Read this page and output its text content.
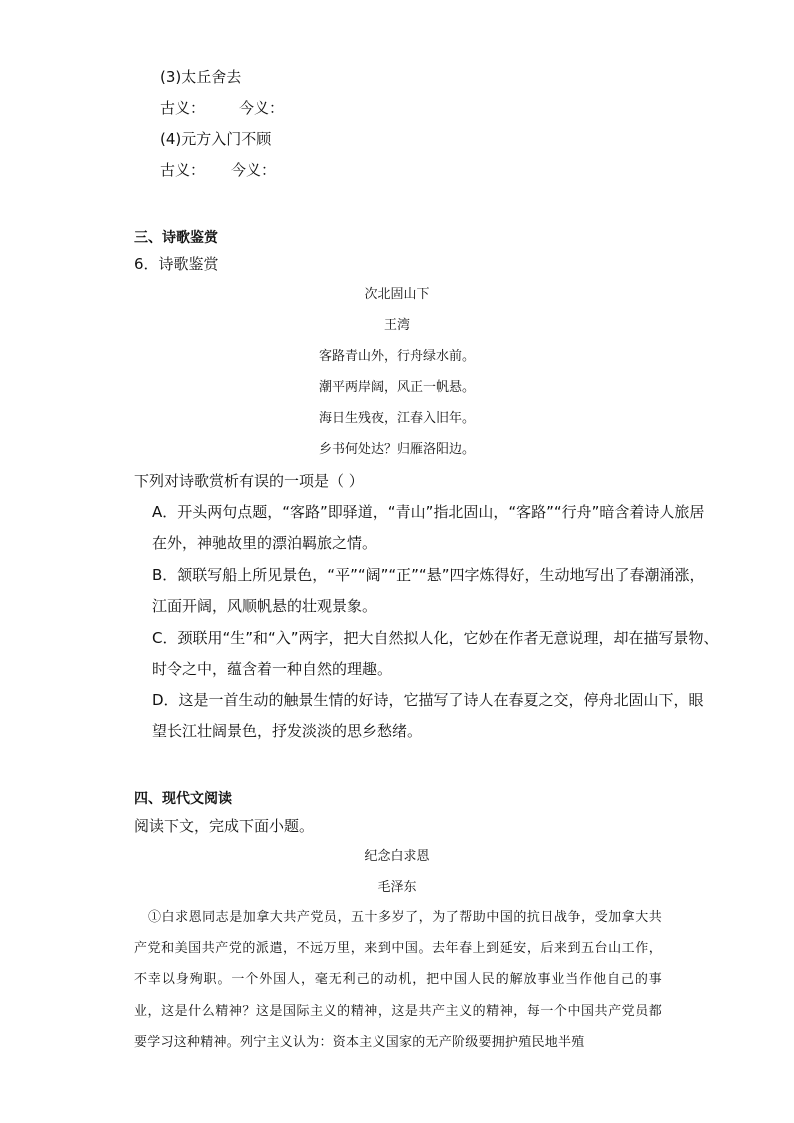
(3)太丘舍去
古义： 今义：
(4)元方入门不顾
古义： 今义：
三、诗歌鉴赏
6．诗歌鉴赏
次北固山下
王湾
客路青山外，行舟绿水前。
潮平两岸阔，风正一帆悬。
海日生残夜，江春入旧年。
乡书何处达？归雁洛阳边。
下列对诗歌赏析有误的一项是（ ）
A．开头两句点题，“客路”即驿道，“青山”指北固山，“客路”“行舟”暗含着诗人旅居
在外，神驰故里的漂泊羁旅之情。
B．颔联写船上所见景色，“平”“阔”“正”“悬”四字炼得好，生动地写出了春潮涌涨，
江面开阔，风顺帆悬的壮观景象。
C．颈联用“生”和“入”两字，把大自然拟人化，它妙在作者无意说理，却在描写景物、
时令之中，蕴含着一种自然的理趣。
D．这是一首生动的触景生情的好诗，它描写了诗人在春夏之交，停舟北固山下，眼
望长江壮阔景色，抒发淡淡的思乡愁绪。
四、现代文阅读
阅读下文，完成下面小题。
纪念白求恩
毛泽东
①白求恩同志是加拿大共产党员，五十多岁了，为了帮助中国的抗日战争，受加拿大共产党和美国共产党的派遣，不远万里，来到中国。去年春上到延安，后来到五台山工作，不幸以身殉职。一个外国人，毫无利己的动机，把中国人民的解放事业当作他自己的事业，这是什么精神？这是国际主义的精神，这是共产主义的精神，每一个中国共产党员都要学习这种精神。列宁主义认为：资本主义国家的无产阶级要拥护殖民地半殖
